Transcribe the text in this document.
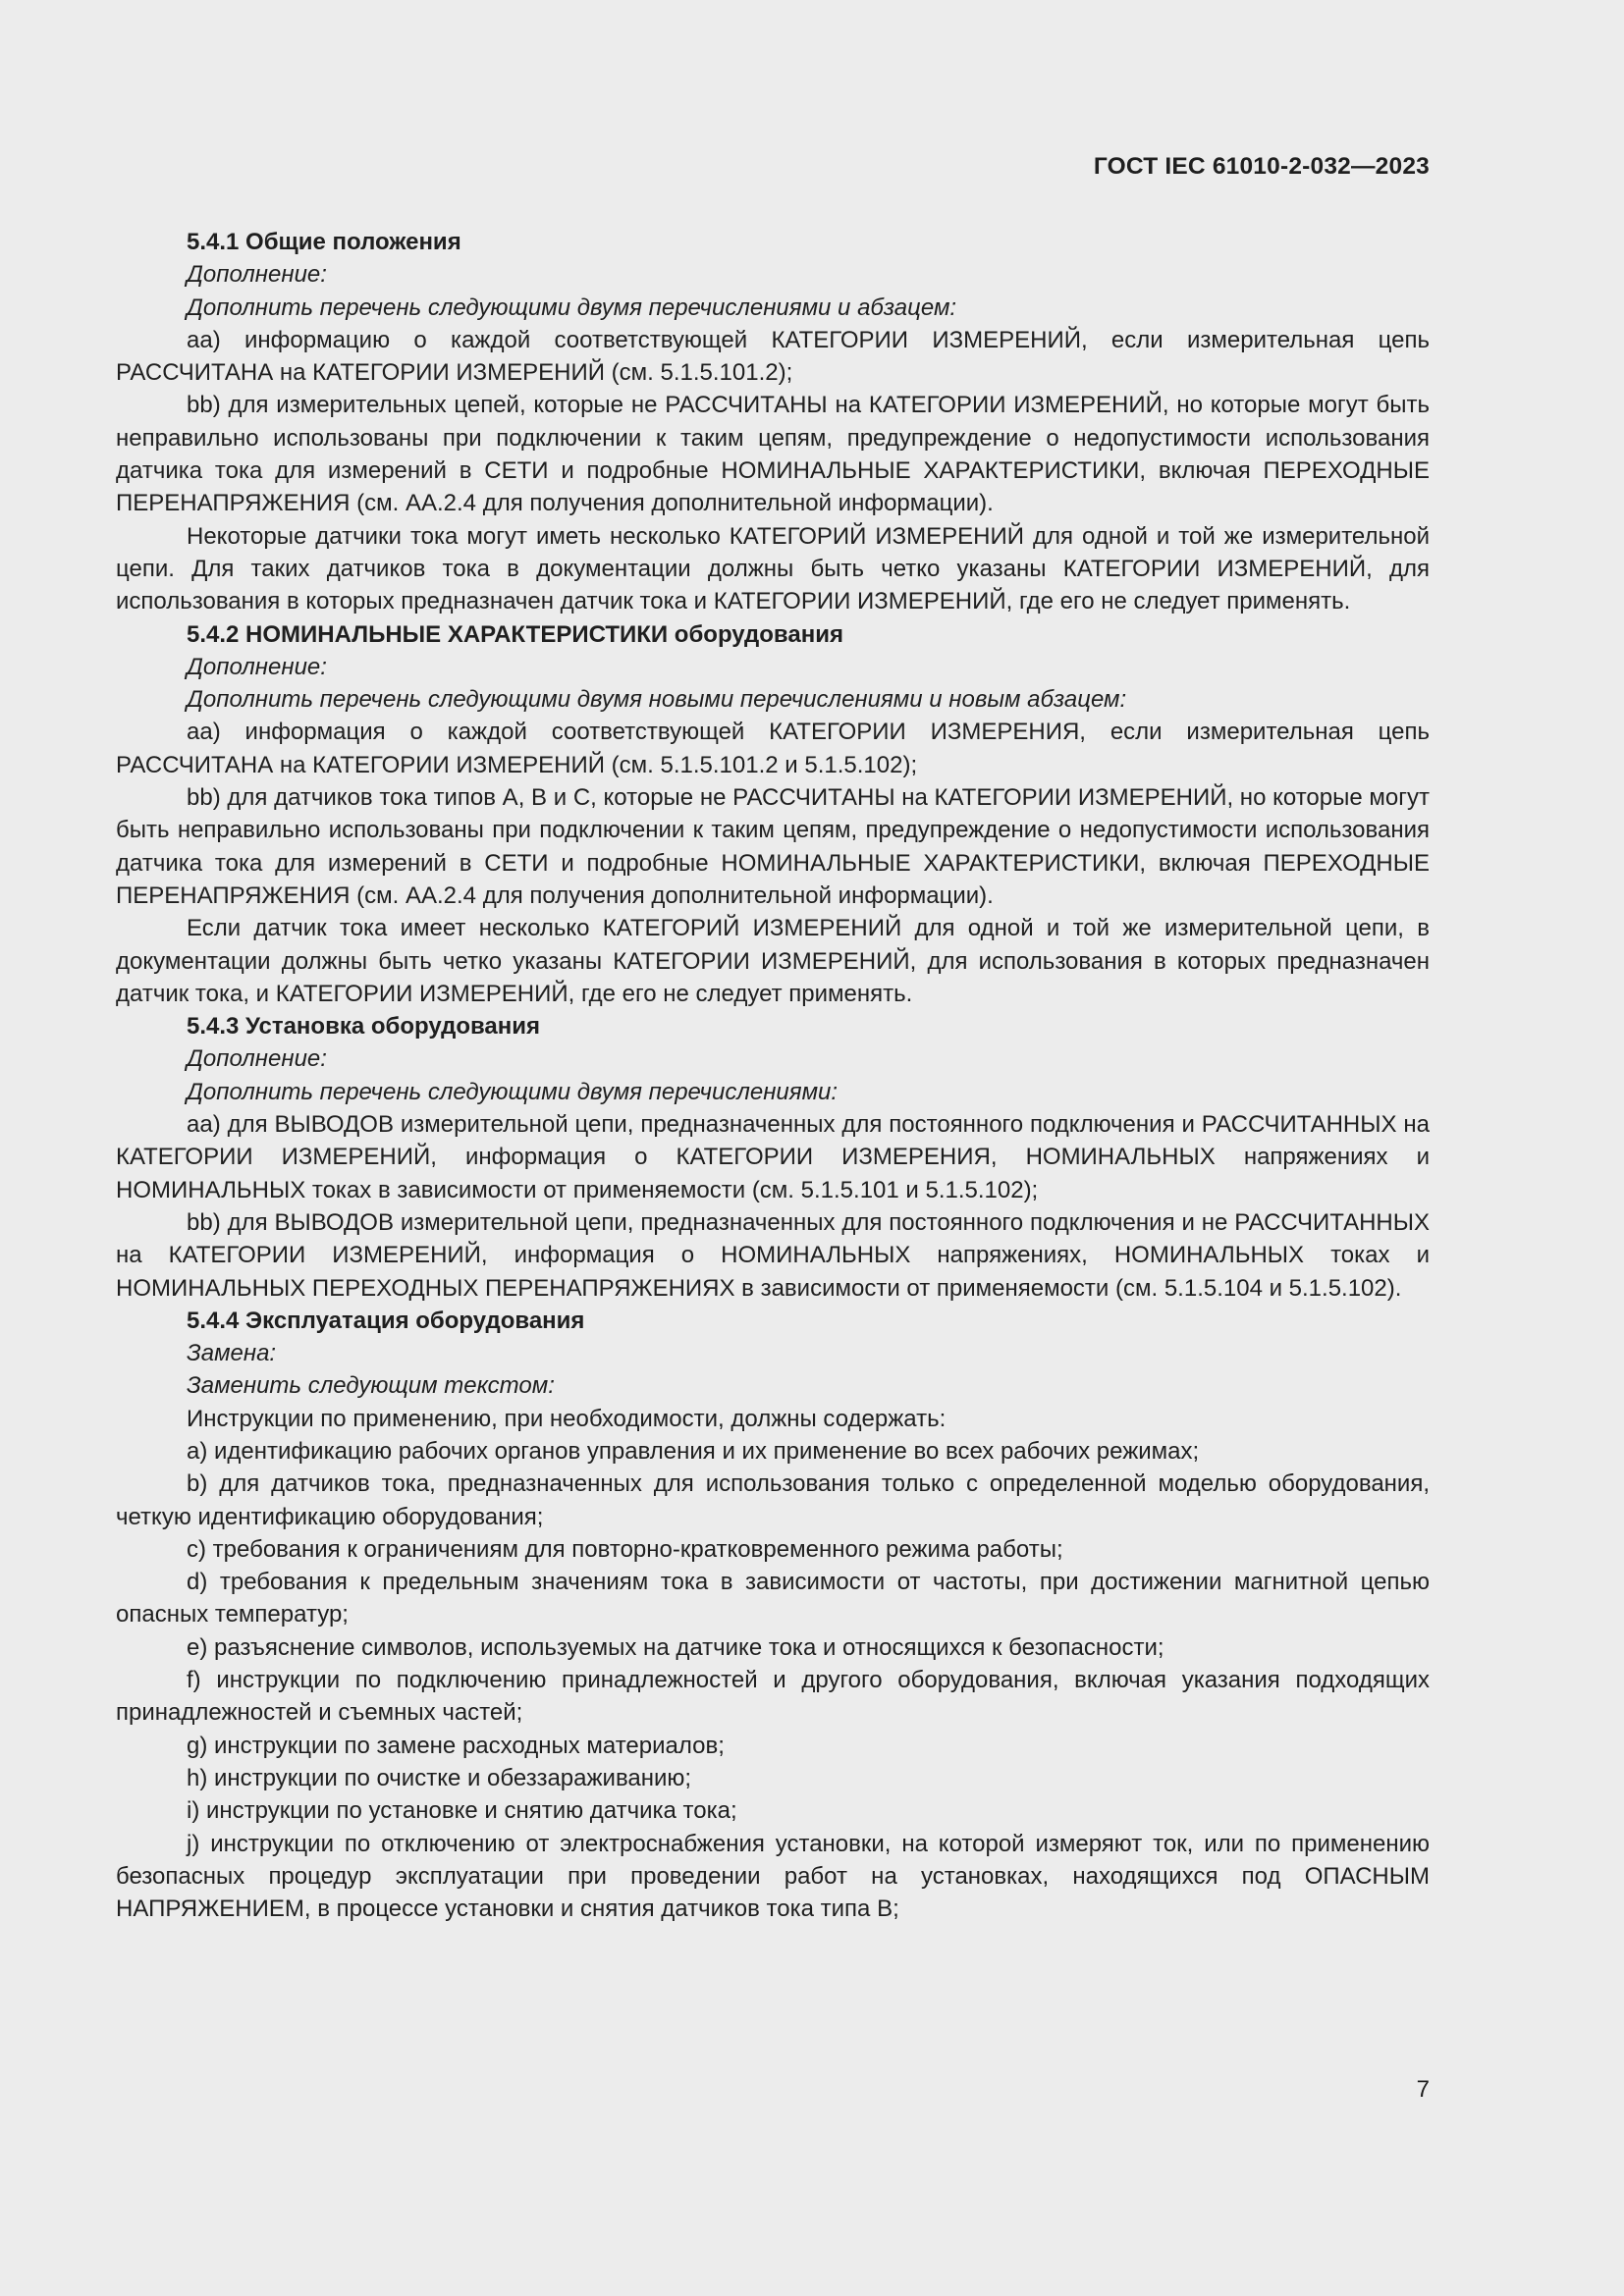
ГОСТ IEC 61010-2-032—2023

5.4.1 Общие положения

Дополнение:

Дополнить перечень следующими двумя перечислениями и абзацем:

аа) информацию о каждой соответствующей КАТЕГОРИИ ИЗМЕРЕНИЙ, если измерительная цепь РАССЧИТАНА на КАТЕГОРИИ ИЗМЕРЕНИЙ (см. 5.1.5.101.2);

bb) для измерительных цепей, которые не РАССЧИТАНЫ на КАТЕГОРИИ ИЗМЕРЕНИЙ, но которые могут быть неправильно использованы при подключении к таким цепям, предупреждение о недопустимости использования датчика тока для измерений в СЕТИ и подробные НОМИНАЛЬНЫЕ ХАРАКТЕРИСТИКИ, включая ПЕРЕХОДНЫЕ ПЕРЕНАПРЯЖЕНИЯ (см. АА.2.4 для получения дополнительной информации).

Некоторые датчики тока могут иметь несколько КАТЕГОРИЙ ИЗМЕРЕНИЙ для одной и той же измерительной цепи. Для таких датчиков тока в документации должны быть четко указаны КАТЕГОРИИ ИЗМЕРЕНИЙ, для использования в которых предназначен датчик тока и КАТЕГОРИИ ИЗМЕРЕНИЙ, где его не следует применять.

5.4.2 НОМИНАЛЬНЫЕ ХАРАКТЕРИСТИКИ оборудования

Дополнение:

Дополнить перечень следующими двумя новыми перечислениями и новым абзацем:

аа) информация о каждой соответствующей КАТЕГОРИИ ИЗМЕРЕНИЯ, если измерительная цепь РАССЧИТАНА на КАТЕГОРИИ ИЗМЕРЕНИЙ (см. 5.1.5.101.2 и 5.1.5.102);

bb) для датчиков тока типов А, В и С, которые не РАССЧИТАНЫ на КАТЕГОРИИ ИЗМЕРЕНИЙ, но которые могут быть неправильно использованы при подключении к таким цепям, предупреждение о недопустимости использования датчика тока для измерений в СЕТИ и подробные НОМИНАЛЬНЫЕ ХАРАКТЕРИСТИКИ, включая ПЕРЕХОДНЫЕ ПЕРЕНАПРЯЖЕНИЯ (см. АА.2.4 для получения дополнительной информации).

Если датчик тока имеет несколько КАТЕГОРИЙ ИЗМЕРЕНИЙ для одной и той же измерительной цепи, в документации должны быть четко указаны КАТЕГОРИИ ИЗМЕРЕНИЙ, для использования в которых предназначен датчик тока, и КАТЕГОРИИ ИЗМЕРЕНИЙ, где его не следует применять.

5.4.3 Установка оборудования

Дополнение:

Дополнить перечень следующими двумя перечислениями:

аа) для ВЫВОДОВ измерительной цепи, предназначенных для постоянного подключения и РАССЧИТАННЫХ на КАТЕГОРИИ ИЗМЕРЕНИЙ, информация о КАТЕГОРИИ ИЗМЕРЕНИЯ, НОМИНАЛЬНЫХ напряжениях и НОМИНАЛЬНЫХ токах в зависимости от применяемости (см. 5.1.5.101 и 5.1.5.102);

bb) для ВЫВОДОВ измерительной цепи, предназначенных для постоянного подключения и не РАССЧИТАННЫХ на КАТЕГОРИИ ИЗМЕРЕНИЙ, информация о НОМИНАЛЬНЫХ напряжениях, НОМИНАЛЬНЫХ токах и НОМИНАЛЬНЫХ ПЕРЕХОДНЫХ ПЕРЕНАПРЯЖЕНИЯХ в зависимости от применяемости (см. 5.1.5.104 и 5.1.5.102).

5.4.4 Эксплуатация оборудования

Замена:

Заменить следующим текстом:

Инструкции по применению, при необходимости, должны содержать:

a) идентификацию рабочих органов управления и их применение во всех рабочих режимах;

b) для датчиков тока, предназначенных для использования только с определенной моделью оборудования, четкую идентификацию оборудования;

c) требования к ограничениям для повторно-кратковременного режима работы;

d) требования к предельным значениям тока в зависимости от частоты, при достижении магнитной цепью опасных температур;

e) разъяснение символов, используемых на датчике тока и относящихся к безопасности;

f) инструкции по подключению принадлежностей и другого оборудования, включая указания подходящих принадлежностей и съемных частей;

g) инструкции по замене расходных материалов;

h) инструкции по очистке и обеззараживанию;

i) инструкции по установке и снятию датчика тока;

j) инструкции по отключению от электроснабжения установки, на которой измеряют ток, или по применению безопасных процедур эксплуатации при проведении работ на установках, находящихся под ОПАСНЫМ НАПРЯЖЕНИЕМ, в процессе установки и снятия датчиков тока типа В;

7
